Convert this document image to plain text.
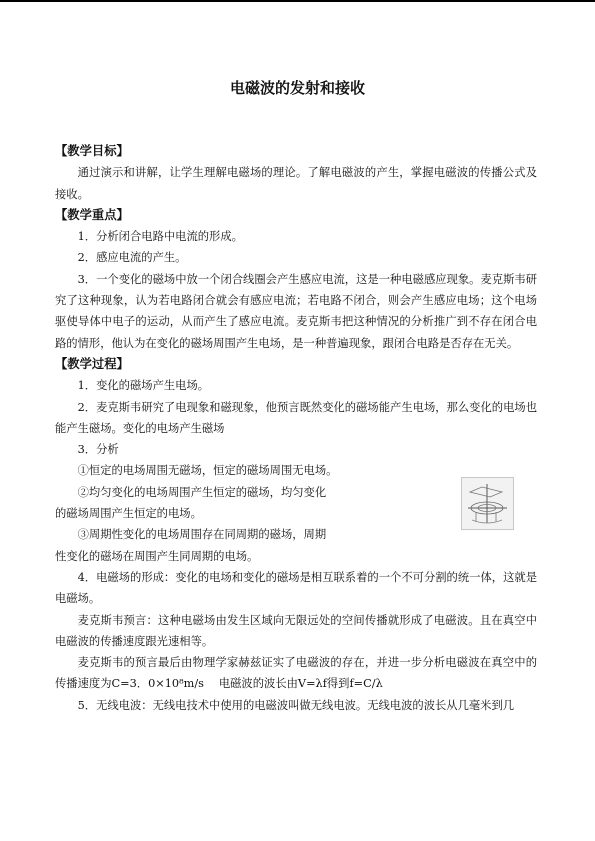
电磁波的发射和接收

【教学目标】

通过演示和讲解，让学生理解电磁场的理论。了解电磁波的产生，掌握电磁波的传播公式及接收。

【教学重点】

1．分析闭合电路中电流的形成。

2．感应电流的产生。

3．一个变化的磁场中放一个闭合线圈会产生感应电流，这是一种电磁感应现象。麦克斯韦研究了这种现象，认为若电路闭合就会有感应电流；若电路不闭合，则会产生感应电场；这个电场驱使导体中电子的运动，从而产生了感应电流。麦克斯韦把这种情况的分析推广到不存在闭合电路的情形，他认为在变化的磁场周围产生电场，是一种普遍现象，跟闭合电路是否存在无关。

【教学过程】

1．变化的磁场产生电场。

2．麦克斯韦研究了电现象和磁现象，他预言既然变化的磁场能产生电场，那么变化的电场也能产生磁场。变化的电场产生磁场

3．分析

①恒定的电场周围无磁场，恒定的磁场周围无电场。

②均匀变化的电场周围产生恒定的磁场，均匀变化

的磁场周围产生恒定的电场。

③周期性变化的电场周围存在同周期的磁场，周期

性变化的磁场在周围产生同周期的电场。

4．电磁场的形成：变化的电场和变化的磁场是相互联系着的一个不可分割的统一体，这就是电磁场。

麦克斯韦预言：这种电磁场由发生区域向无限远处的空间传播就形成了电磁波。且在真空中电磁波的传播速度跟光速相等。

麦克斯韦的预言最后由物理学家赫兹证实了电磁波的存在，并进一步分析电磁波在真空中的传播速度为C=3．0×10⁸m/s　 电磁波的波长由V=λf得到f=C/λ

5．无线电波：无线电技术中使用的电磁波叫做无线电波。无线电波的波长从几毫米到几
